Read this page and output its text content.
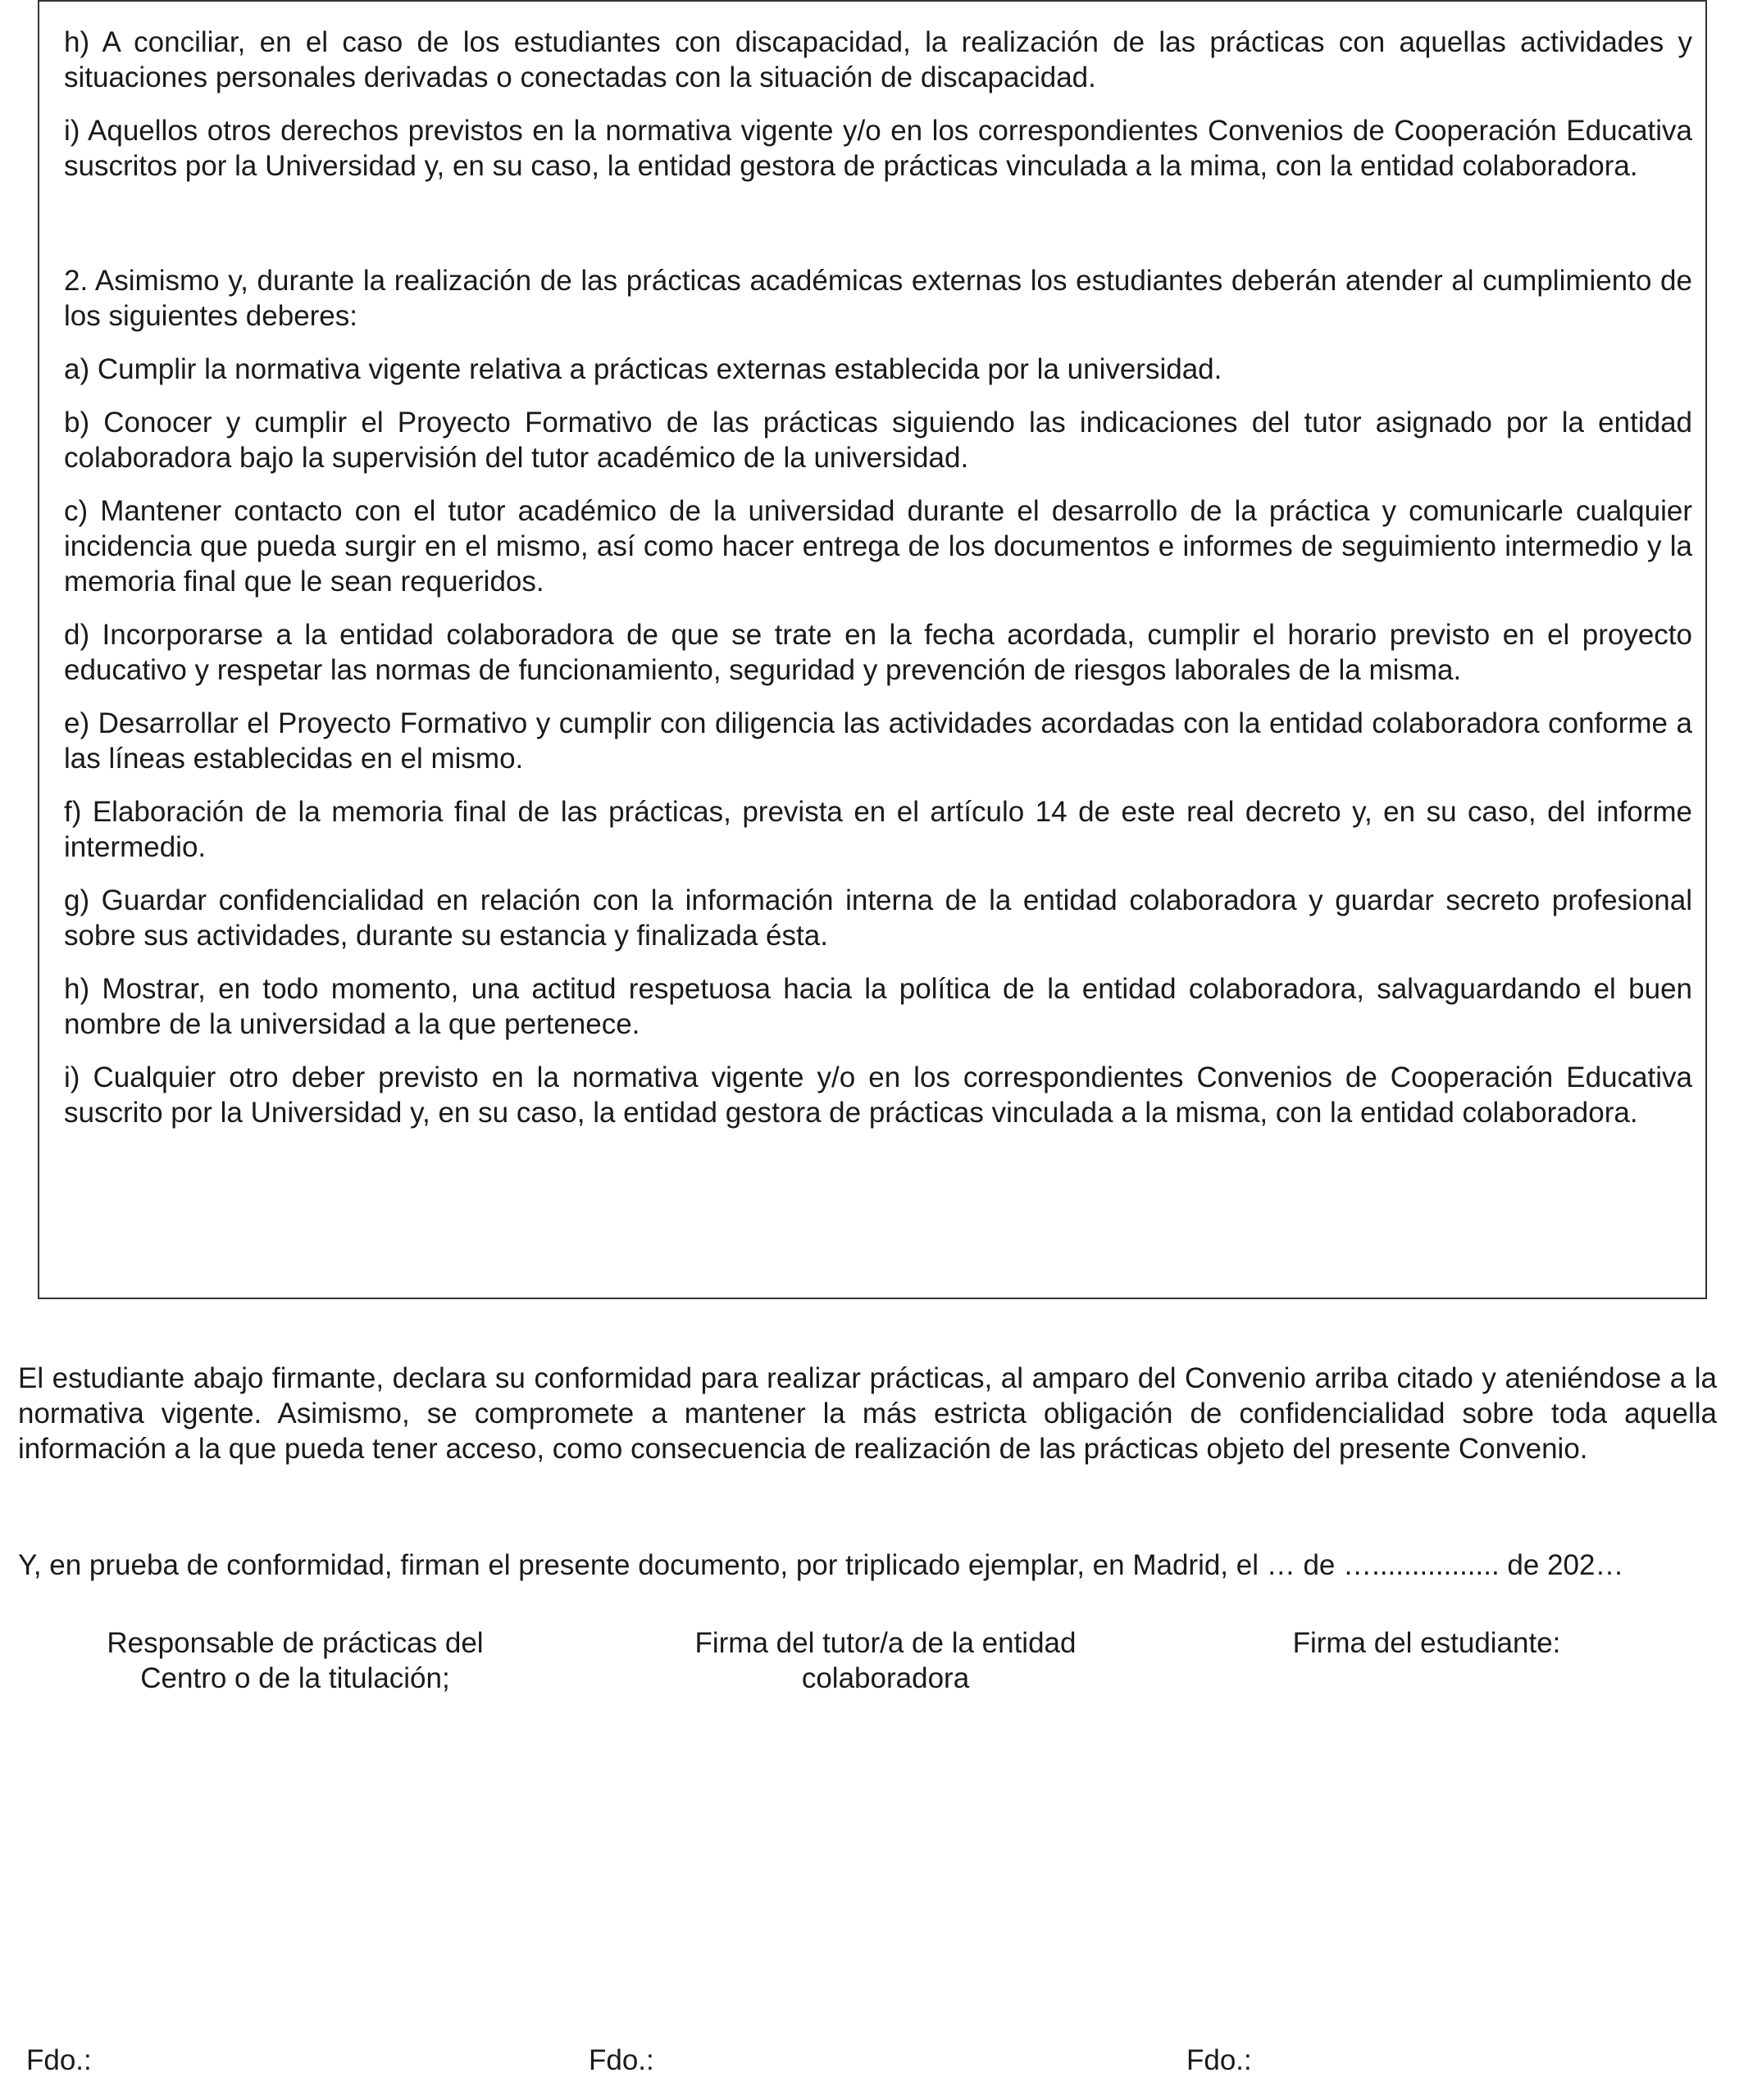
h) A conciliar, en el caso de los estudiantes con discapacidad, la realización de las prácticas con aquellas actividades y situaciones personales derivadas o conectadas con la situación de discapacidad.

i) Aquellos otros derechos previstos en la normativa vigente y/o en los correspondientes Convenios de Cooperación Educativa suscritos por la Universidad y, en su caso, la entidad gestora de prácticas vinculada a la mima, con la entidad colaboradora.

2. Asimismo y, durante la realización de las prácticas académicas externas los estudiantes deberán atender al cumplimiento de los siguientes deberes:

a) Cumplir la normativa vigente relativa a prácticas externas establecida por la universidad.

b) Conocer y cumplir el Proyecto Formativo de las prácticas siguiendo las indicaciones del tutor asignado por la entidad colaboradora bajo la supervisión del tutor académico de la universidad.

c) Mantener contacto con el tutor académico de la universidad durante el desarrollo de la práctica y comunicarle cualquier incidencia que pueda surgir en el mismo, así como hacer entrega de los documentos e informes de seguimiento intermedio y la memoria final que le sean requeridos.

d) Incorporarse a la entidad colaboradora de que se trate en la fecha acordada, cumplir el horario previsto en el proyecto educativo y respetar las normas de funcionamiento, seguridad y prevención de riesgos laborales de la misma.

e) Desarrollar el Proyecto Formativo y cumplir con diligencia las actividades acordadas con la entidad colaboradora conforme a las líneas establecidas en el mismo.

f) Elaboración de la memoria final de las prácticas, prevista en el artículo 14 de este real decreto y, en su caso, del informe intermedio.

g) Guardar confidencialidad en relación con la información interna de la entidad colaboradora y guardar secreto profesional sobre sus actividades, durante su estancia y finalizada ésta.

h) Mostrar, en todo momento, una actitud respetuosa hacia la política de la entidad colaboradora, salvaguardando el buen nombre de la universidad a la que pertenece.

i) Cualquier otro deber previsto en la normativa vigente y/o en los correspondientes Convenios de Cooperación Educativa suscrito por la Universidad y, en su caso, la entidad gestora de prácticas vinculada a la misma, con la entidad colaboradora.

El estudiante abajo firmante, declara su conformidad para realizar prácticas, al amparo del Convenio arriba citado y ateniéndose a la normativa vigente. Asimismo, se compromete a mantener la más estricta obligación de confidencialidad sobre toda aquella información a la que pueda tener acceso, como consecuencia de realización de las prácticas objeto del presente Convenio.

Y, en prueba de conformidad, firman el presente documento, por triplicado ejemplar, en Madrid, el … de …................ de 202…

Responsable de prácticas del
Centro o de la titulación;
Firma del tutor/a de la entidad
colaboradora
Firma del estudiante:
Fdo.:	Fdo.:	Fdo.:
